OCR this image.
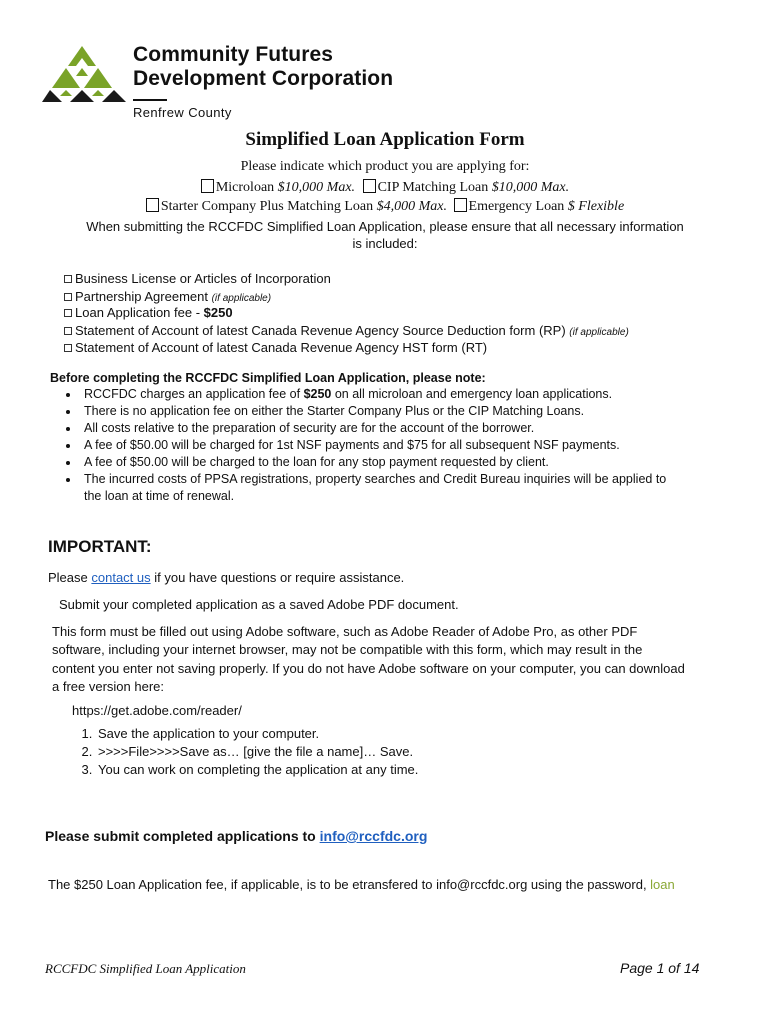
Community Futures
Development Corporation
Renfrew County
Simplified Loan Application Form
Please indicate which product you are applying for:
Microloan $10,000 Max. CIP Matching Loan $10,000 Max.
Starter Company Plus Matching Loan $4,000 Max. Emergency Loan $ Flexible
When submitting the RCCFDC Simplified Loan Application, please ensure that all necessary information
is included:
Business License or Articles of Incorporation
Partnership Agreement (if applicable)
Loan Application fee - $250
Statement of Account of latest Canada Revenue Agency Source Deduction form (RP) (if applicable)
Statement of Account of latest Canada Revenue Agency HST form (RT)
Before completing the RCCFDC Simplified Loan Application, please note:
• RCCFDC charges an application fee of $250 on all microloan and emergency loan applications.
• There is no application fee on either the Starter Company Plus or the CIP Matching Loans.
• All costs relative to the preparation of security are for the account of the borrower.
• A fee of $50.00 will be charged for 1st NSF payments and $75 for all subsequent NSF payments.
• A fee of $50.00 will be charged to the loan for any stop payment requested by client.
• The incurred costs of PPSA registrations, property searches and Credit Bureau inquiries will be applied to
the loan at time of renewal.
IMPORTANT:
Please contact us if you have questions or require assistance.
Submit your completed application as a saved Adobe PDF document.
This form must be filled out using Adobe software, such as Adobe Reader of Adobe Pro, as other PDF
software, including your internet browser, may not be compatible with this form, which may result in the
content you enter not saving properly. If you do not have Adobe software on your computer, you can download
a free version here:
https://get.adobe.com/reader/
1. Save the application to your computer.
2. >>>>File>>>>Save as… [give the file a name]… Save.
3. You can work on completing the application at any time.
Please submit completed applications to info@rccfdc.org
The $250 Loan Application fee, if applicable, is to be etransfered to info@rccfdc.org using the password, loan
RCCFDC Simplified Loan Application	Page 1 of 14
